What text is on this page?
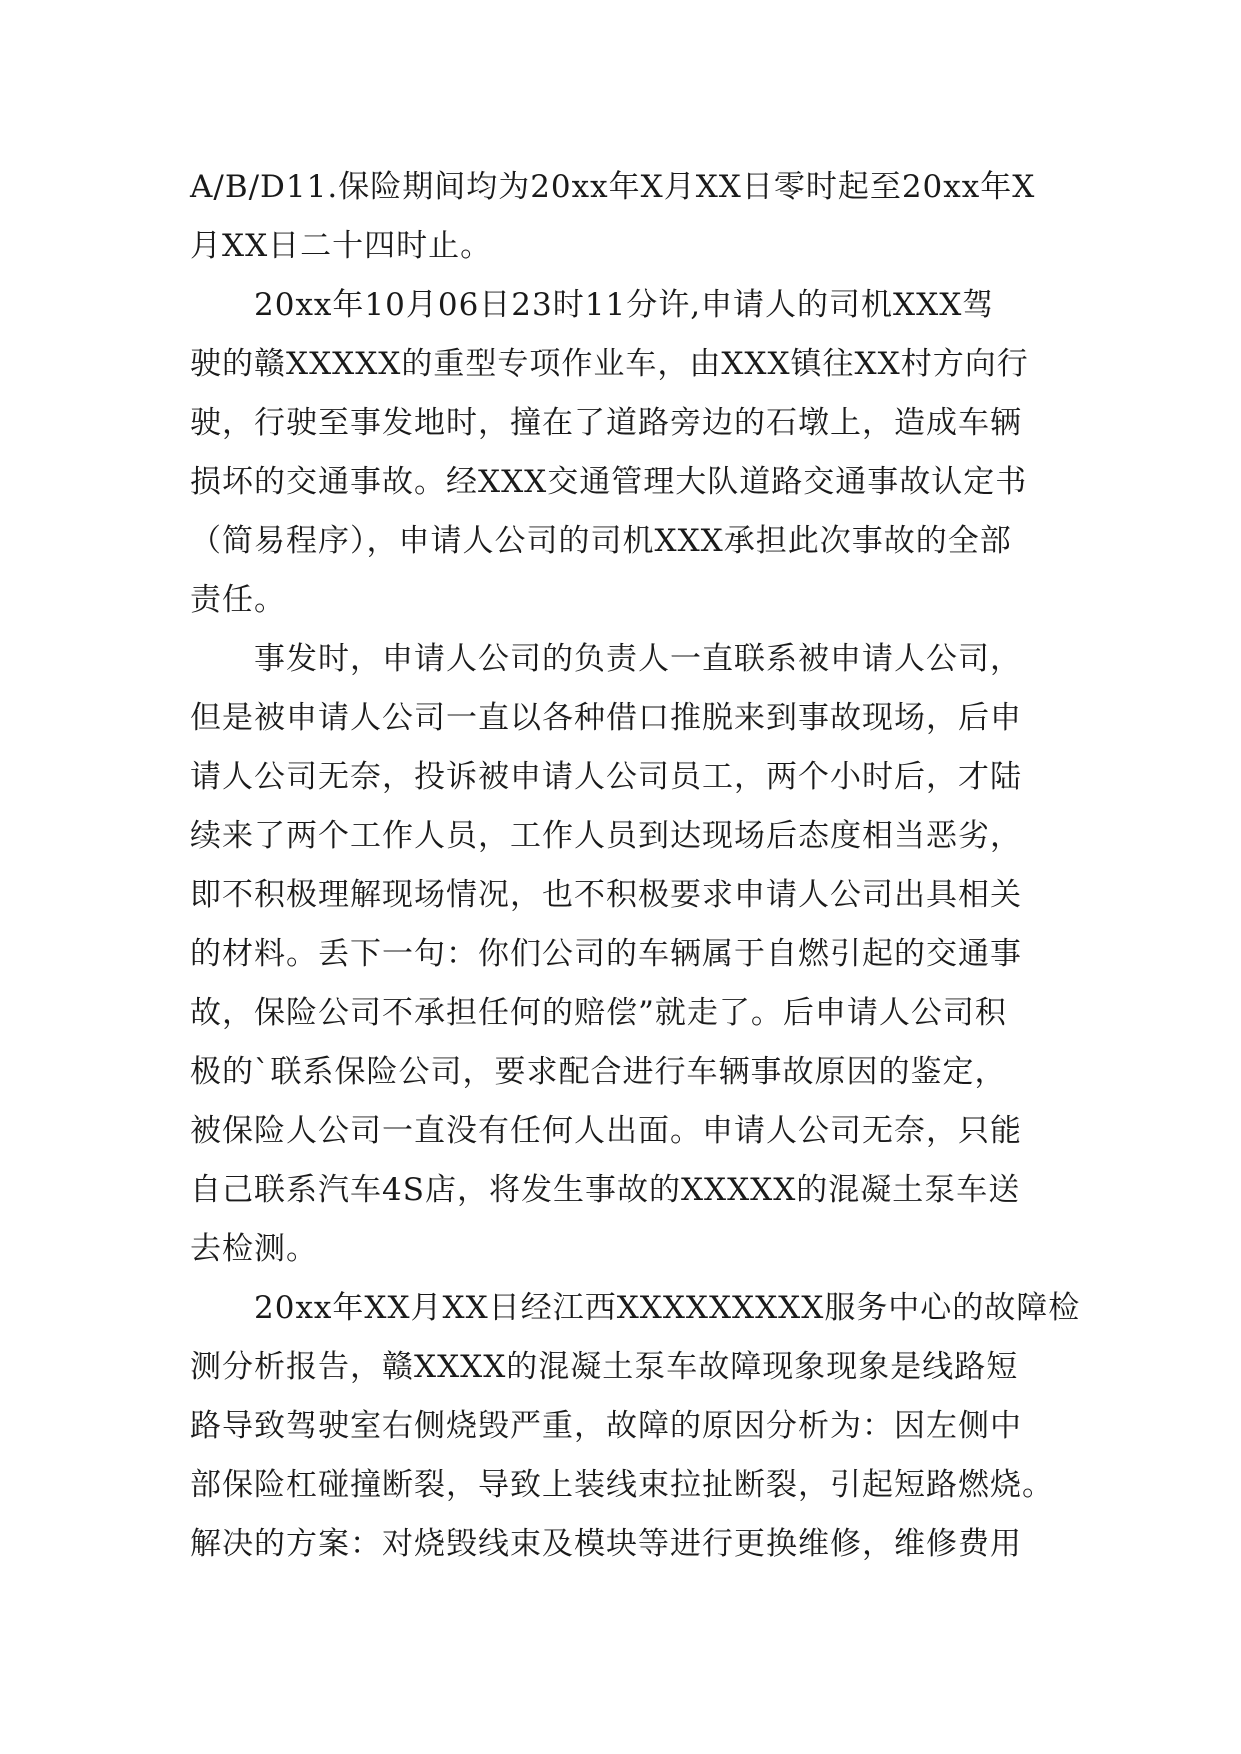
A/B/D11.保险期间均为20xx年X月XX日零时起至20xx年X
月XX日二十四时止。

　　20xx年10月06日23时11分许,申请人的司机XXX驾
驶的赣XXXXX的重型专项作业车，由XXX镇往XX村方向行
驶，行驶至事发地时，撞在了道路旁边的石墩上，造成车辆
损坏的交通事故。经XXX交通管理大队道路交通事故认定书
（简易程序），申请人公司的司机XXX承担此次事故的全部
责任。

　　事发时，申请人公司的负责人一直联系被申请人公司，
但是被申请人公司一直以各种借口推脱来到事故现场，后申
请人公司无奈，投诉被申请人公司员工，两个小时后，才陆
续来了两个工作人员，工作人员到达现场后态度相当恶劣，
即不积极理解现场情况，也不积极要求申请人公司出具相关
的材料。丢下一句：你们公司的车辆属于自燃引起的交通事
故，保险公司不承担任何的赔偿”就走了。后申请人公司积
极的`联系保险公司，要求配合进行车辆事故原因的鉴定，
被保险人公司一直没有任何人出面。申请人公司无奈，只能
自己联系汽车4S店，将发生事故的XXXXX的混凝土泵车送
去检测。

　　20xx年XX月XX日经江西XXXXXXXXX服务中心的故障检
测分析报告，赣XXXX的混凝土泵车故障现象现象是线路短
路导致驾驶室右侧烧毁严重，故障的原因分析为：因左侧中
部保险杠碰撞断裂，导致上装线束拉扯断裂，引起短路燃烧。
解决的方案：对烧毁线束及模块等进行更换维修，维修费用
